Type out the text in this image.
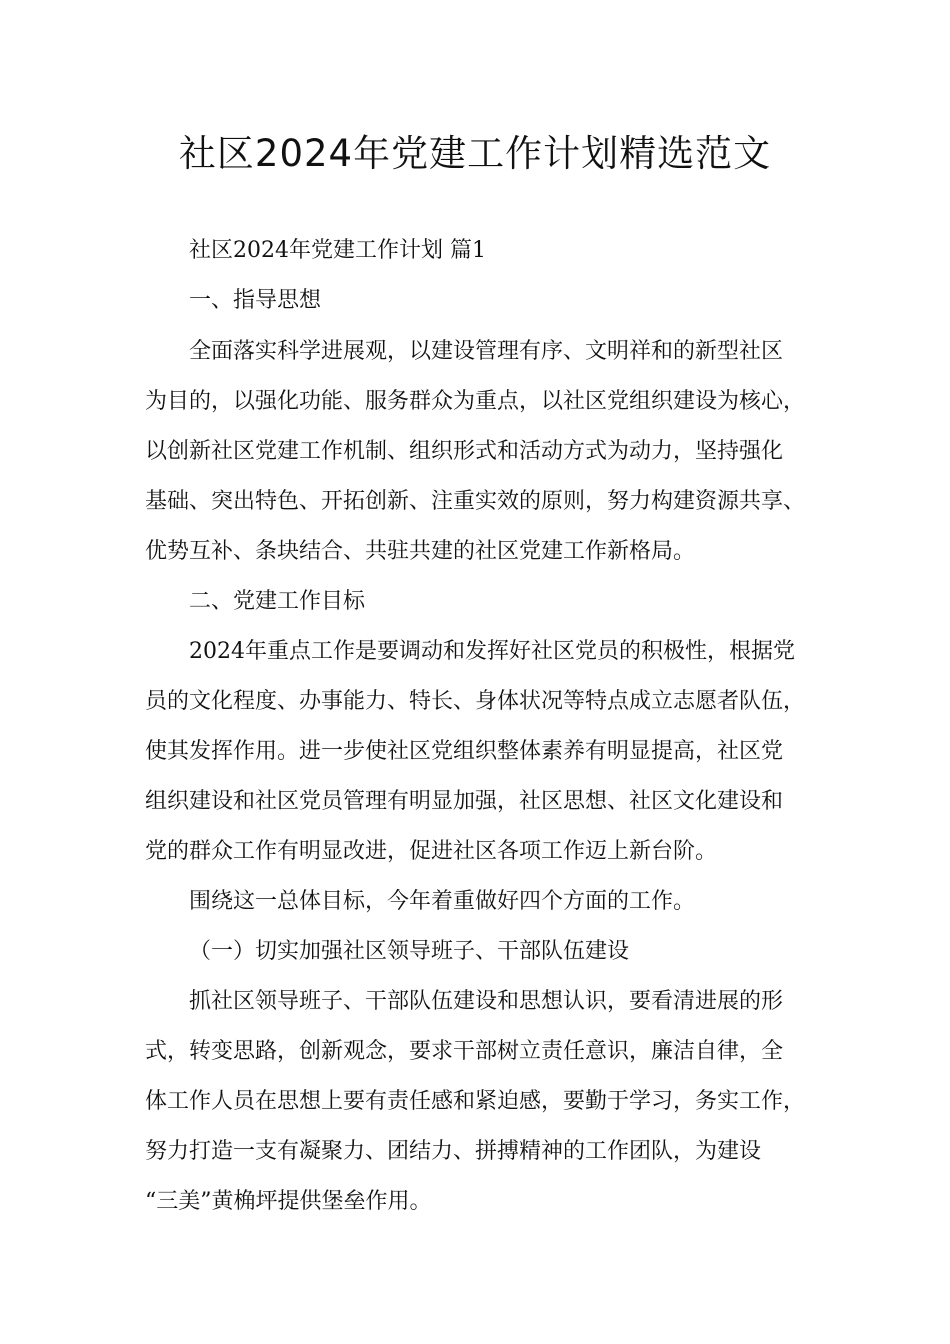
社区2024年党建工作计划精选范文

社区2024年党建工作计划 篇1

一、指导思想

全面落实科学进展观，以建设管理有序、文明祥和的新型社区

为目的，以强化功能、服务群众为重点，以社区党组织建设为核心，

以创新社区党建工作机制、组织形式和活动方式为动力，坚持强化

基础、突出特色、开拓创新、注重实效的原则，努力构建资源共享、

优势互补、条块结合、共驻共建的社区党建工作新格局。

二、党建工作目标

2024年重点工作是要调动和发挥好社区党员的积极性，根据党

员的文化程度、办事能力、特长、身体状况等特点成立志愿者队伍，

使其发挥作用。进一步使社区党组织整体素养有明显提高，社区党

组织建设和社区党员管理有明显加强，社区思想、社区文化建设和

党的群众工作有明显改进，促进社区各项工作迈上新台阶。

围绕这一总体目标，今年着重做好四个方面的工作。

（一）切实加强社区领导班子、干部队伍建设

抓社区领导班子、干部队伍建设和思想认识，要看清进展的形

式，转变思路，创新观念，要求干部树立责任意识，廉洁自律，全

体工作人员在思想上要有责任感和紧迫感，要勤于学习，务实工作，

努力打造一支有凝聚力、团结力、拼搏精神的工作团队，为建设

“三美”黄桷坪提供堡垒作用。
